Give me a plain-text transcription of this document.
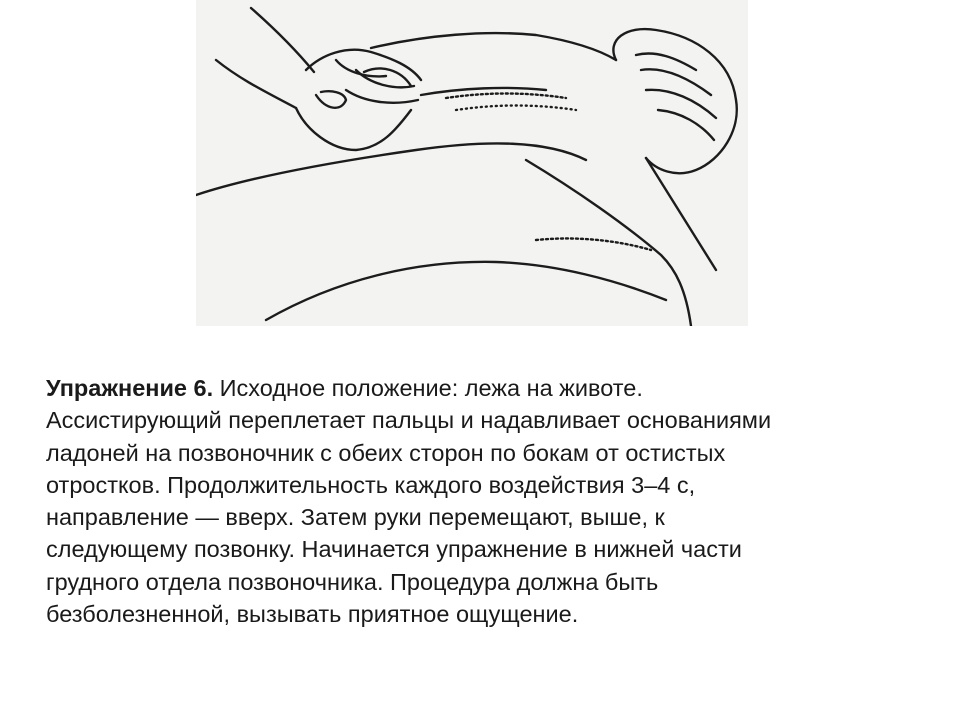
Упражнение 6. Исходное положение: лежа на животе.
Ассистирующий переплетает пальцы и надавливает основаниями
ладоней на позвоночник с обеих сторон по бокам от остистых
отростков. Продолжительность каждого воздействия 3–4 с,
направление — вверх. Затем руки перемещают, выше, к
следующему позвонку. Начинается упражнение в нижней части
грудного отдела позвоночника. Процедура должна быть
безболезненной, вызывать приятное ощущение.
